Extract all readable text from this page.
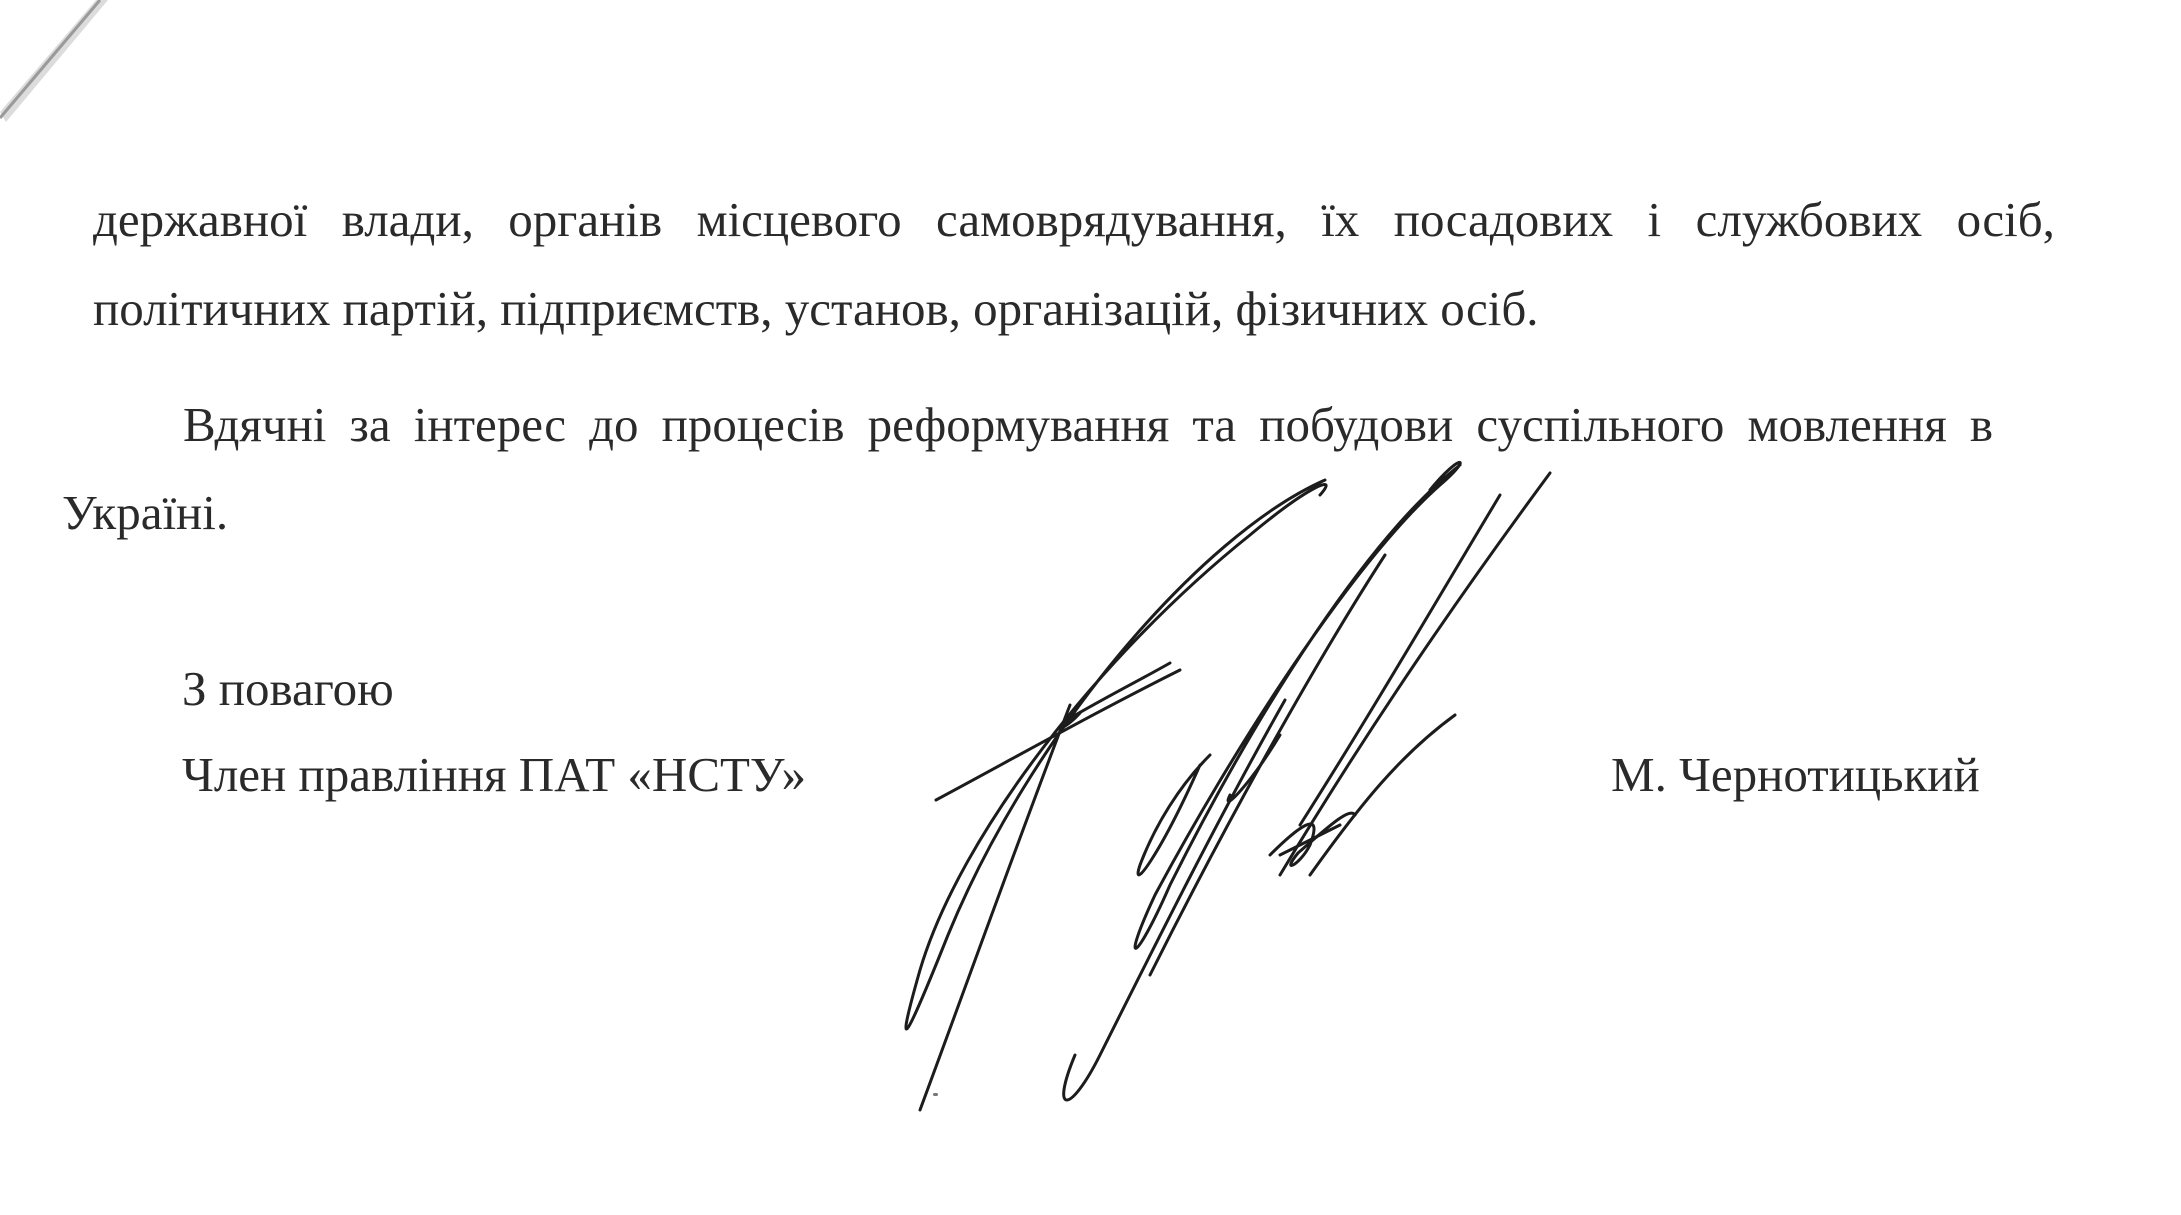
державної влади, органів місцевого самоврядування, їх посадових і службових осіб,
політичних партій, підприємств, установ, організацій, фізичних осіб.
Вдячні за інтерес до процесів реформування та побудови суспільного мовлення в
Україні.
З повагою
Член правління ПАТ «НСТУ»	М. Чернотицький
